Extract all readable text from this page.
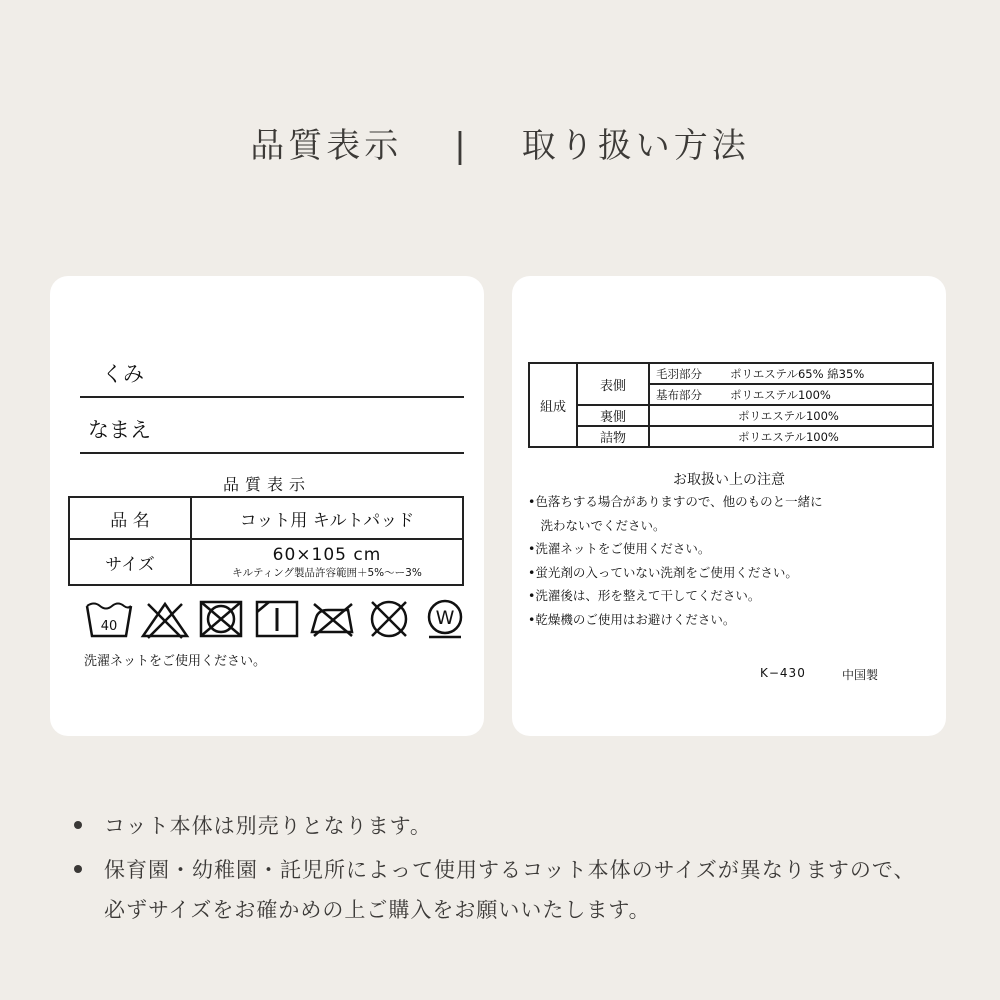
品質表示 | 取り扱い方法
くみ
なまえ
品質表示
品 名	コット用 キルトパッド
サイズ	60×105 cm
キルティング製品許容範囲＋5%〜ー3%
40	W
洗濯ネットをご使用ください。
組成	表側	毛羽部分	ポリエステル65% 綿35%
		基布部分	ポリエステル100%
	裏側	ポリエステル100%	
	詰物	ポリエステル100%	
お取扱い上の注意
•色落ちする場合がありますので、他のものと一緒に
　洗わないでください。
•洗濯ネットをご使用ください。
•蛍光剤の入っていない洗剤をご使用ください。
•洗濯後は、形を整えて干してください。
•乾燥機のご使用はお避けください。
K−430	中国製
コット本体は別売りとなります。
保育園・幼稚園・託児所によって使用するコット本体のサイズが異なりますので、必ずサイズをお確かめの上ご購入をお願いいたします。
